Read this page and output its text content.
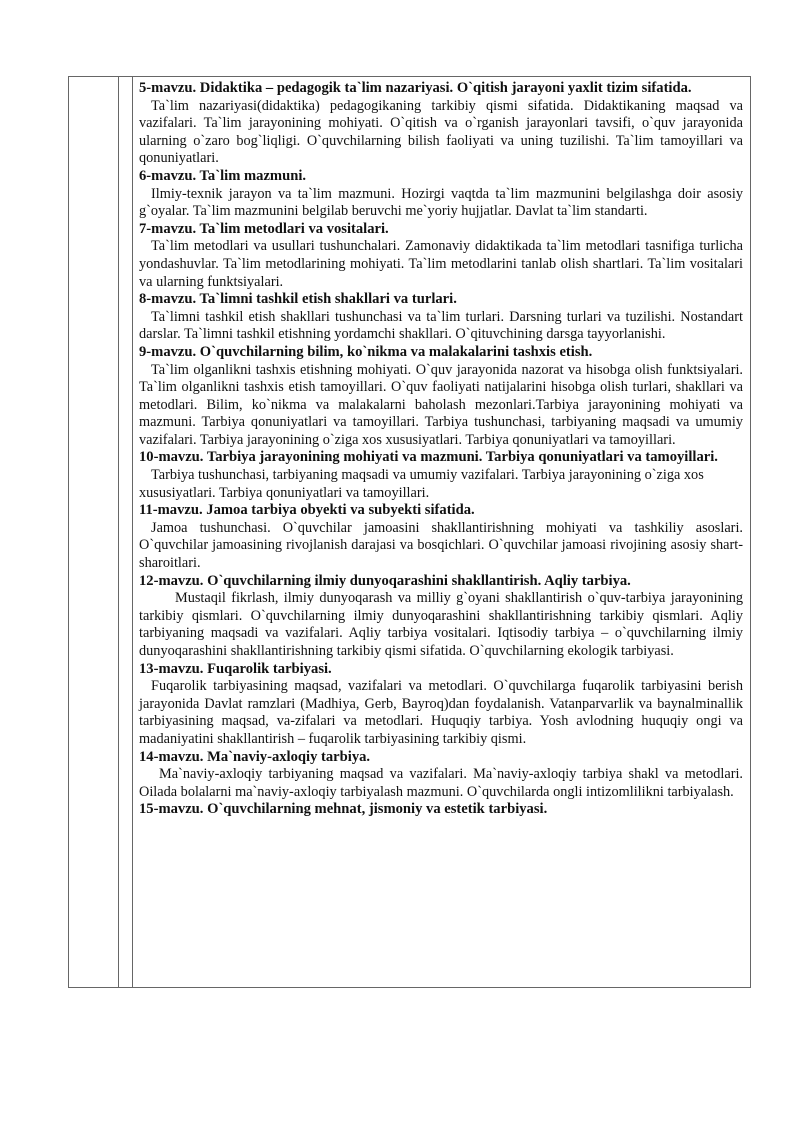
5-mavzu. Didaktika – pedagogik ta`lim nazariyasi. O`qitish jarayoni yaxlit tizim sifatida.

Ta`lim nazariyasi(didaktika) pedagogikaning tarkibiy qismi sifatida. Didaktikaning maqsad va vazifalari. Ta`lim jarayonining mohiyati. O`qitish va o`rganish jarayonlari tavsifi, o`quv jarayonida ularning o`zaro bog`liqligi. O`quvchilarning bilish faoliyati va uning tuzilishi. Ta`lim tamoyillari va qonuniyatlari.

6-mavzu. Ta`lim mazmuni.

Ilmiy-texnik jarayon va ta`lim mazmuni. Hozirgi vaqtda ta`lim mazmunini belgilashga doir asosiy g`oyalar. Ta`lim mazmunini belgilab beruvchi me`yoriy hujjatlar. Davlat ta`lim standarti.

7-mavzu. Ta`lim metodlari va vositalari.

Ta`lim metodlari va usullari tushunchalari. Zamonaviy didaktikada ta`lim metodlari tasnifiga turlicha yondashuvlar. Ta`lim metodlarining mohiyati. Ta`lim metodlarini tanlab olish shartlari. Ta`lim vositalari va ularning funktsiyalari.

8-mavzu. Ta`limni tashkil etish shakllari va turlari.

Ta`limni tashkil etish shakllari tushunchasi va ta`lim turlari. Darsning turlari va tuzilishi. Nostandart darslar. Ta`limni tashkil etishning yordamchi shakllari. O`qituvchining darsga tayyorlanishi.

9-mavzu. O`quvchilarning bilim, ko`nikma va malakalarini tashxis etish.

Ta`lim olganlikni tashxis etishning mohiyati. O`quv jarayonida nazorat va hisobga olish funktsiyalari. Ta`lim olganlikni tashxis etish tamoyillari. O`quv faoliyati natijalarini hisobga olish turlari, shakllari va metodlari. Bilim, ko`nikma va malakalarni baholash mezonlari.Tarbiya jarayonining mohiyati va mazmuni. Tarbiya qonuniyatlari va tamoyillari. Tarbiya tushunchasi, tarbiyaning maqsadi va umumiy vazifalari. Tarbiya jarayonining o`ziga xos xususiyatlari. Tarbiya qonuniyatlari va tamoyillari.

10-mavzu. Tarbiya jarayonining mohiyati va mazmuni. Tarbiya qonuniyatlari va tamoyillari.

Tarbiya tushunchasi, tarbiyaning maqsadi va umumiy vazifalari. Tarbiya jarayonining o`ziga xos xususiyatlari. Tarbiya qonuniyatlari va tamoyillari.

11-mavzu. Jamoa tarbiya obyekti va subyekti sifatida.

Jamoa tushunchasi. O`quvchilar jamoasini shakllantirishning mohiyati va tashkiliy asoslari. O`quvchilar jamoasining rivojlanish darajasi va bosqichlari. O`quvchilar jamoasi rivojining asosiy shart-sharoitlari.

12-mavzu. O`quvchilarning ilmiy dunyoqarashini shakllantirish. Aqliy tarbiya.

Mustaqil fikrlash, ilmiy dunyoqarash va milliy g`oyani shakllantirish o`quv-tarbiya jarayonining tarkibiy qismlari. O`quvchilarning ilmiy dunyoqarashini shakllantirishning tarkibiy qismlari. Aqliy tarbiyaning maqsadi va vazifalari. Aqliy tarbiya vositalari. Iqtisodiy tarbiya – o`quvchilarning ilmiy dunyoqarashini shakllantirishning tarkibiy qismi sifatida. O`quvchilarning ekologik tarbiyasi.

13-mavzu. Fuqarolik tarbiyasi.

Fuqarolik tarbiyasining maqsad, vazifalari va metodlari. O`quvchilarga fuqarolik tarbiyasini berish jarayonida Davlat ramzlari (Madhiya, Gerb, Bayroq)dan foydalanish. Vatanparvarlik va baynalminallik tarbiyasining maqsad, va-zifalari va metodlari. Huquqiy tarbiya. Yosh avlodning huquqiy ongi va madaniyatini shakllantirish – fuqarolik tarbiyasining tarkibiy qismi.

14-mavzu. Ma`naviy-axloqiy tarbiya.

Ma`naviy-axloqiy tarbiyaning maqsad va vazifalari. Ma`naviy-axloqiy tarbiya shakl va metodlari. Oilada bolalarni ma`naviy-axloqiy tarbiyalash mazmuni. O`quvchilarda ongli intizomlilikni tarbiyalash.

15-mavzu. O`quvchilarning mehnat, jismoniy va estetik tarbiyasi.
